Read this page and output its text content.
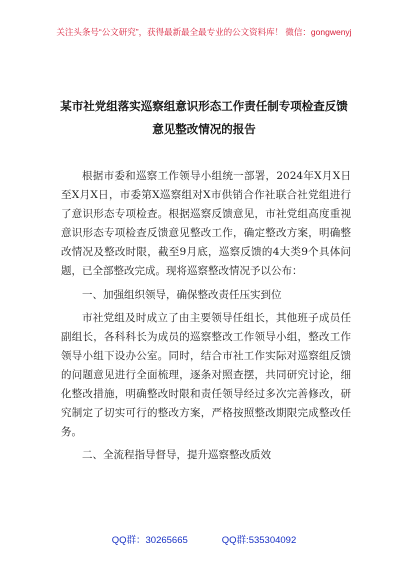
关注头条号“公文研究”，获得最新最全最专业的公文资料库！ 微信：gongwenyj
某市社党组落实巡察组意识形态工作责任制专项检查反馈
意见整改情况的报告

根据市委和巡察工作领导小组统一部署，2024年X月X日至X月X日，市委第X巡察组对X市供销合作社联合社党组进行了意识形态专项检查。根据巡察反馈意见，市社党组高度重视意识形态专项检查反馈意见整改工作，确定整改方案，明确整改情况及整改时限，截至9月底，巡察反馈的4大类9个具体问题，已全部整改完成。现将巡察整改情况予以公布：

一、加强组织领导，确保整改责任压实到位

市社党组及时成立了由主要领导任组长，其他班子成员任副组长，各科科长为成员的巡察整改工作领导小组，整改工作领导小组下设办公室。同时，结合市社工作实际对巡察组反馈的问题意见进行全面梳理，逐条对照查摆，共同研究讨论，细化整改措施，明确整改时限和责任领导经过多次完善修改，研究制定了切实可行的整改方案，严格按照整改期限完成整改任务。

二、全流程指导督导，提升巡察整改质效

QQ群：30265665	QQ群:535304092
